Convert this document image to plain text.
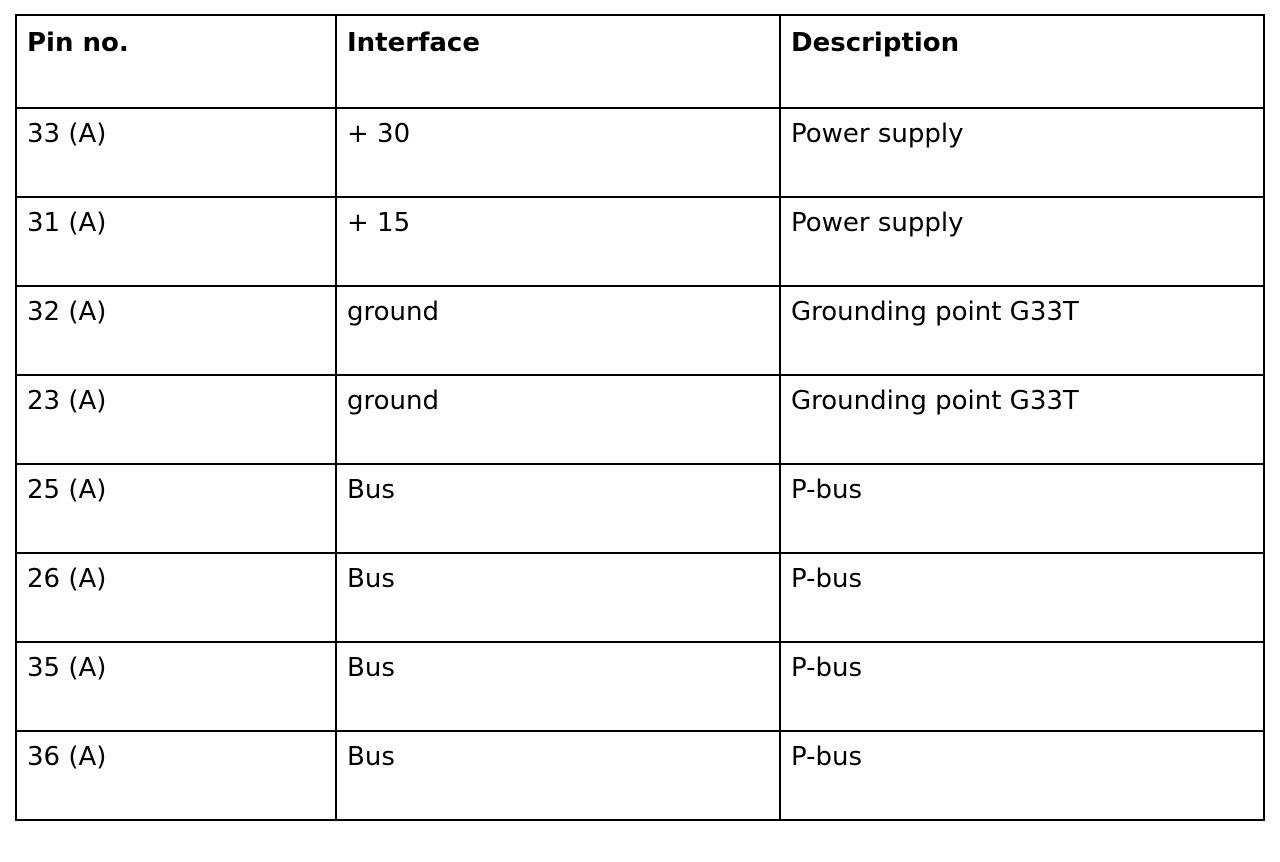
Pin no.	Interface	Description
33 (A)	+ 30	Power supply
31 (A)	+ 15	Power supply
32 (A)	ground	Grounding point G33T
23 (A)	ground	Grounding point G33T
25 (A)	Bus	P-bus
26 (A)	Bus	P-bus
35 (A)	Bus	P-bus
36 (A)	Bus	P-bus
